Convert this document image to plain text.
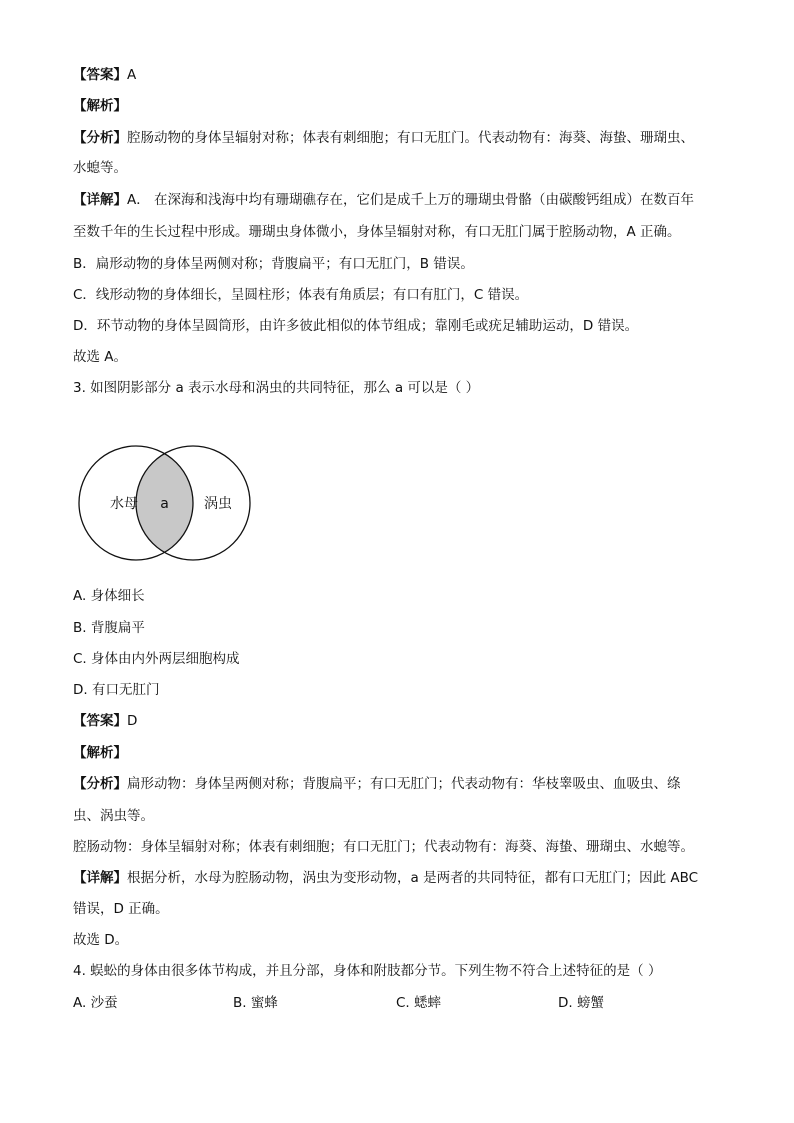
【答案】A
【解析】
【分析】腔肠动物的身体呈辐射对称；体表有刺细胞；有口无肛门。代表动物有：海葵、海蛰、珊瑚虫、
水螅等。
【详解】A． 在深海和浅海中均有珊瑚礁存在，它们是成千上万的珊瑚虫骨骼（由碳酸钙组成）在数百年
至数千年的生长过程中形成。珊瑚虫身体微小，身体呈辐射对称，有口无肛门属于腔肠动物，A 正确。
B．扁形动物的身体呈两侧对称；背腹扁平；有口无肛门，B 错误。
C．线形动物的身体细长，呈圆柱形；体表有角质层；有口有肛门，C 错误。
D．环节动物的身体呈圆筒形，由许多彼此相似的体节组成；靠刚毛或疣足辅助运动，D 错误。
故选 A。
3. 如图阴影部分 a 表示水母和涡虫的共同特征，那么 a 可以是（ ）
水母 a	涡虫
A. 身体细长
B. 背腹扁平
C. 身体由内外两层细胞构成
D. 有口无肛门
【答案】D
【解析】
【分析】扁形动物：身体呈两侧对称；背腹扁平；有口无肛门；代表动物有：华枝睾吸虫、血吸虫、绦
虫、涡虫等。
腔肠动物：身体呈辐射对称；体表有刺细胞；有口无肛门；代表动物有：海葵、海蛰、珊瑚虫、水螅等。
【详解】根据分析，水母为腔肠动物，涡虫为变形动物，a 是两者的共同特征，都有口无肛门；因此 ABC
错误，D 正确。
故选 D。
4. 蜈蚣的身体由很多体节构成，并且分部，身体和附肢都分节。下列生物不符合上述特征的是（ ）
A. 沙蚕	B. 蜜蜂	C. 蟋蟀	D. 螃蟹
